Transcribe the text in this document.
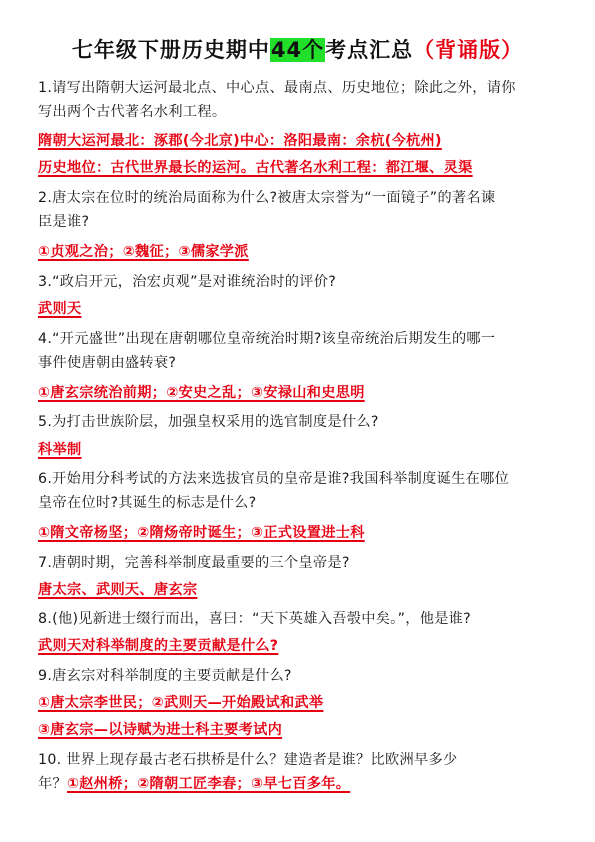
七年级下册历史期中44个考点汇总（背诵版）
1.请写出隋朝大运河最北点、中心点、最南点、历史地位；除此之外，请你
写出两个古代著名水利工程。
隋朝大运河最北：涿郡(今北京)中心：洛阳最南：余杭(今杭州)
历史地位：古代世界最长的运河。古代著名水利工程：都江堰、灵渠
2.唐太宗在位时的统治局面称为什么?被唐太宗誉为“一面镜子”的著名谏
臣是谁?
①贞观之治；②魏征；③儒家学派
3.“政启开元，治宏贞观”是对谁统治时的评价?
武则天
4.“开元盛世”出现在唐朝哪位皇帝统治时期?该皇帝统治后期发生的哪一
事件使唐朝由盛转衰?
①唐玄宗统治前期；②安史之乱；③安禄山和史思明
5.为打击世族阶层，加强皇权采用的选官制度是什么?
科举制
6.开始用分科考试的方法来选拔官员的皇帝是谁?我国科举制度诞生在哪位
皇帝在位时?其诞生的标志是什么?
①隋文帝杨坚；②隋炀帝时诞生；③正式设置进士科
7.唐朝时期，完善科举制度最重要的三个皇帝是?
唐太宗、武则天、唐玄宗
8.(他)见新进士缀行而出，喜曰：“天下英雄入吾彀中矣。”，他是谁?
武则天对科举制度的主要贡献是什么?
9.唐玄宗对科举制度的主要贡献是什么?
①唐太宗李世民；②武则天—开始殿试和武举
③唐玄宗—以诗赋为进士科主要考试内
10. 世界上现存最古老石拱桥是什么？建造者是谁？比欧洲早多少
年？①赵州桥；②隋朝工匠李春；③早七百多年。
